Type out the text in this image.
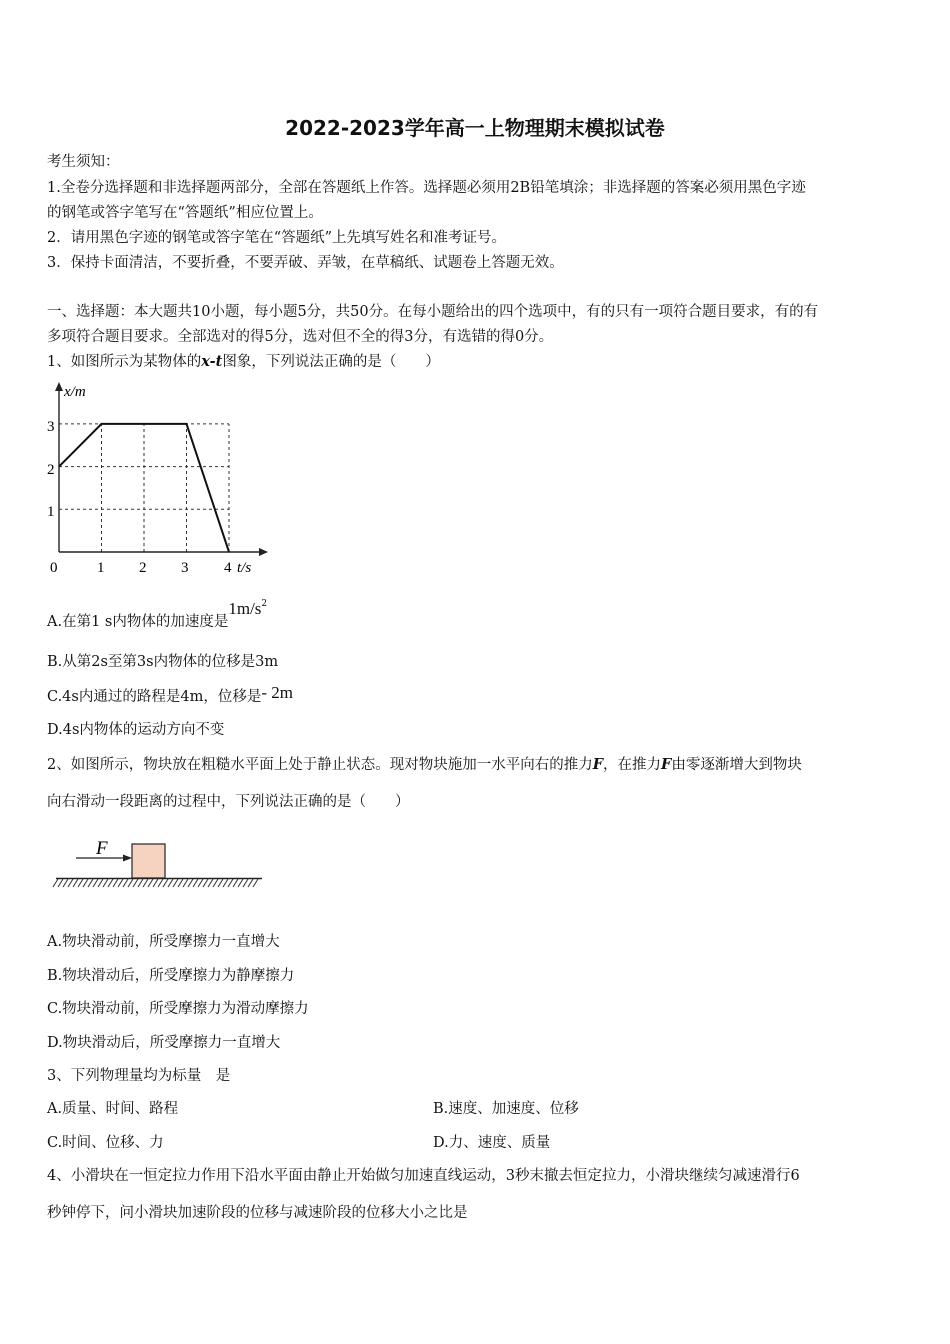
2022-2023学年高一上物理期末模拟试卷
考生须知：
1.全卷分选择题和非选择题两部分，全部在答题纸上作答。选择题必须用2B铅笔填涂；非选择题的答案必须用黑色字迹
的钢笔或答字笔写在“答题纸”相应位置上。
2．请用黑色字迹的钢笔或答字笔在“答题纸”上先填写姓名和准考证号。
3．保持卡面清洁，不要折叠，不要弄破、弄皱，在草稿纸、试题卷上答题无效。
一、选择题：本大题共10小题，每小题5分，共50分。在每小题给出的四个选项中，有的只有一项符合题目要求，有的有
多项符合题目要求。全部选对的得5分，选对但不全的得3分，有选错的得0分。
1、如图所示为某物体的x-t图象，下列说法正确的是（　　）
x/m
t/s
3
2
1
0	1 2 3 4
A.在第1 s内物体的加速度是$1m/s^2$
B.从第2s至第3s内物体的位移是3m
C.4s内通过的路程是4m，位移是- 2m
D.4s内物体的运动方向不变
2、如图所示，物块放在粗糙水平面上处于静止状态。现对物块施加一水平向右的推力F，在推力F由零逐渐增大到物块
向右滑动一段距离的过程中，下列说法正确的是（　　）
F
A.物块滑动前，所受摩擦力一直增大
B.物块滑动后，所受摩擦力为静摩擦力
C.物块滑动前，所受摩擦力为滑动摩擦力
D.物块滑动后，所受摩擦力一直增大
3、下列物理量均为标量　是
A.质量、时间、路程	B.速度、加速度、位移
C.时间、位移、力	D.力、速度、质量
4、小滑块在一恒定拉力作用下沿水平面由静止开始做匀加速直线运动，3秒末撤去恒定拉力，小滑块继续匀减速滑行6
秒钟停下，问小滑块加速阶段的位移与减速阶段的位移大小之比是
